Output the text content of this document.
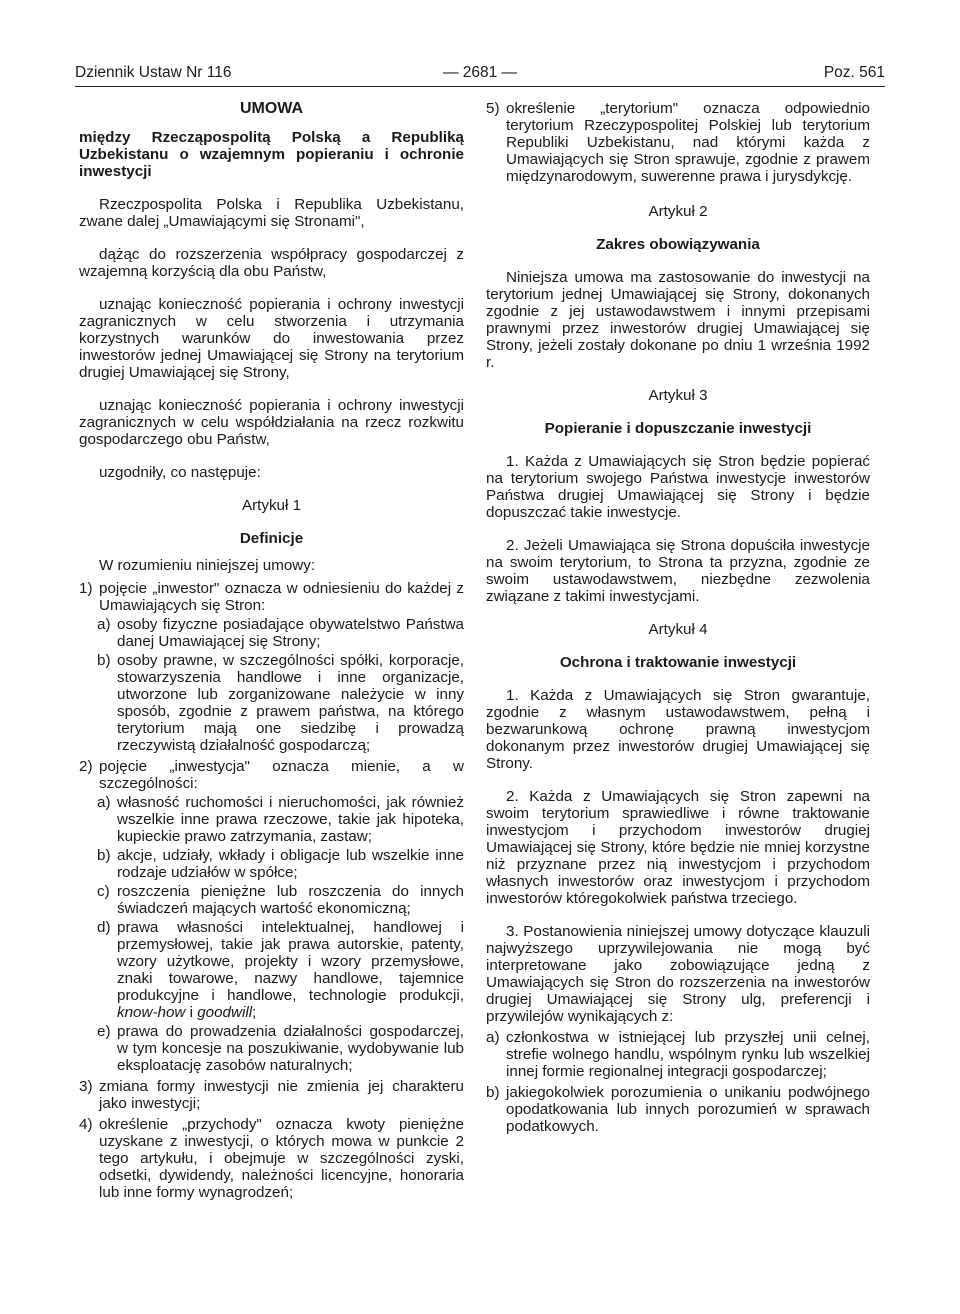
Dziennik Ustaw Nr 116	— 2681 —	Poz. 561

UMOWA

między Rzecząpospolitą Polską a Republiką Uzbekistanu o wzajemnym popieraniu i ochronie inwestycji

Rzeczpospolita Polska i Republika Uzbekistanu, zwane dalej „Umawiającymi się Stronami",

dążąc do rozszerzenia współpracy gospodarczej z wzajemną korzyścią dla obu Państw,

uznając konieczność popierania i ochrony inwestycji zagranicznych w celu stworzenia i utrzymania korzystnych warunków do inwestowania przez inwestorów jednej Umawiającej się Strony na terytorium drugiej Umawiającej się Strony,

uznając konieczność popierania i ochrony inwestycji zagranicznych w celu współdziałania na rzecz rozkwitu gospodarczego obu Państw,

uzgodniły, co następuje:

Artykuł 1

Definicje

W rozumieniu niniejszej umowy:

1) pojęcie „inwestor" oznacza w odniesieniu do każdej z Umawiających się Stron:
a) osoby fizyczne posiadające obywatelstwo Państwa danej Umawiającej się Strony;
b) osoby prawne, w szczególności spółki, korporacje, stowarzyszenia handlowe i inne organizacje, utworzone lub zorganizowane należycie w inny sposób, zgodnie z prawem państwa, na którego terytorium mają one siedzibę i prowadzą rzeczywistą działalność gospodarczą;
2) pojęcie „inwestycja" oznacza mienie, a w szczególności:
a) własność ruchomości i nieruchomości, jak również wszelkie inne prawa rzeczowe, takie jak hipoteka, kupieckie prawo zatrzymania, zastaw;
b) akcje, udziały, wkłady i obligacje lub wszelkie inne rodzaje udziałów w spółce;
c) roszczenia pieniężne lub roszczenia do innych świadczeń mających wartość ekonomiczną;
d) prawa własności intelektualnej, handlowej i przemysłowej, takie jak prawa autorskie, patenty, wzory użytkowe, projekty i wzory przemysłowe, znaki towarowe, nazwy handlowe, tajemnice produkcyjne i handlowe, technologie produkcji, know-how i goodwill;
e) prawa do prowadzenia działalności gospodarczej, w tym koncesje na poszukiwanie, wydobywanie lub eksploatację zasobów naturalnych;
3) zmiana formy inwestycji nie zmienia jej charakteru jako inwestycji;
4) określenie „przychody" oznacza kwoty pieniężne uzyskane z inwestycji, o których mowa w punkcie 2 tego artykułu, i obejmuje w szczególności zyski, odsetki, dywidendy, należności licencyjne, honoraria lub inne formy wynagrodzeń;
5) określenie „terytorium" oznacza odpowiednio terytorium Rzeczypospolitej Polskiej lub terytorium Republiki Uzbekistanu, nad którymi każda z Umawiających się Stron sprawuje, zgodnie z prawem międzynarodowym, suwerenne prawa i jurysdykcję.

Artykuł 2

Zakres obowiązywania

Niniejsza umowa ma zastosowanie do inwestycji na terytorium jednej Umawiającej się Strony, dokonanych zgodnie z jej ustawodawstwem i innymi przepisami prawnymi przez inwestorów drugiej Umawiającej się Strony, jeżeli zostały dokonane po dniu 1 września 1992 r.

Artykuł 3

Popieranie i dopuszczanie inwestycji

1. Każda z Umawiających się Stron będzie popierać na terytorium swojego Państwa inwestycje inwestorów Państwa drugiej Umawiającej się Strony i będzie dopuszczać takie inwestycje.

2. Jeżeli Umawiająca się Strona dopuściła inwestycje na swoim terytorium, to Strona ta przyzna, zgodnie ze swoim ustawodawstwem, niezbędne zezwolenia związane z takimi inwestycjami.

Artykuł 4

Ochrona i traktowanie inwestycji

1. Każda z Umawiających się Stron gwarantuje, zgodnie z własnym ustawodawstwem, pełną i bezwarunkową ochronę prawną inwestycjom dokonanym przez inwestorów drugiej Umawiającej się Strony.

2. Każda z Umawiających się Stron zapewni na swoim terytorium sprawiedliwe i równe traktowanie inwestycjom i przychodom inwestorów drugiej Umawiającej się Strony, które będzie nie mniej korzystne niż przyznane przez nią inwestycjom i przychodom własnych inwestorów oraz inwestycjom i przychodom inwestorów któregokolwiek państwa trzeciego.

3. Postanowienia niniejszej umowy dotyczące klauzuli najwyższego uprzywilejowania nie mogą być interpretowane jako zobowiązujące jedną z Umawiających się Stron do rozszerzenia na inwestorów drugiej Umawiającej się Strony ulg, preferencji i przywilejów wynikających z:

a) członkostwa w istniejącej lub przyszłej unii celnej, strefie wolnego handlu, wspólnym rynku lub wszelkiej innej formie regionalnej integracji gospodarczej;
b) jakiegokolwiek porozumienia o unikaniu podwójnego opodatkowania lub innych porozumień w sprawach podatkowych.
